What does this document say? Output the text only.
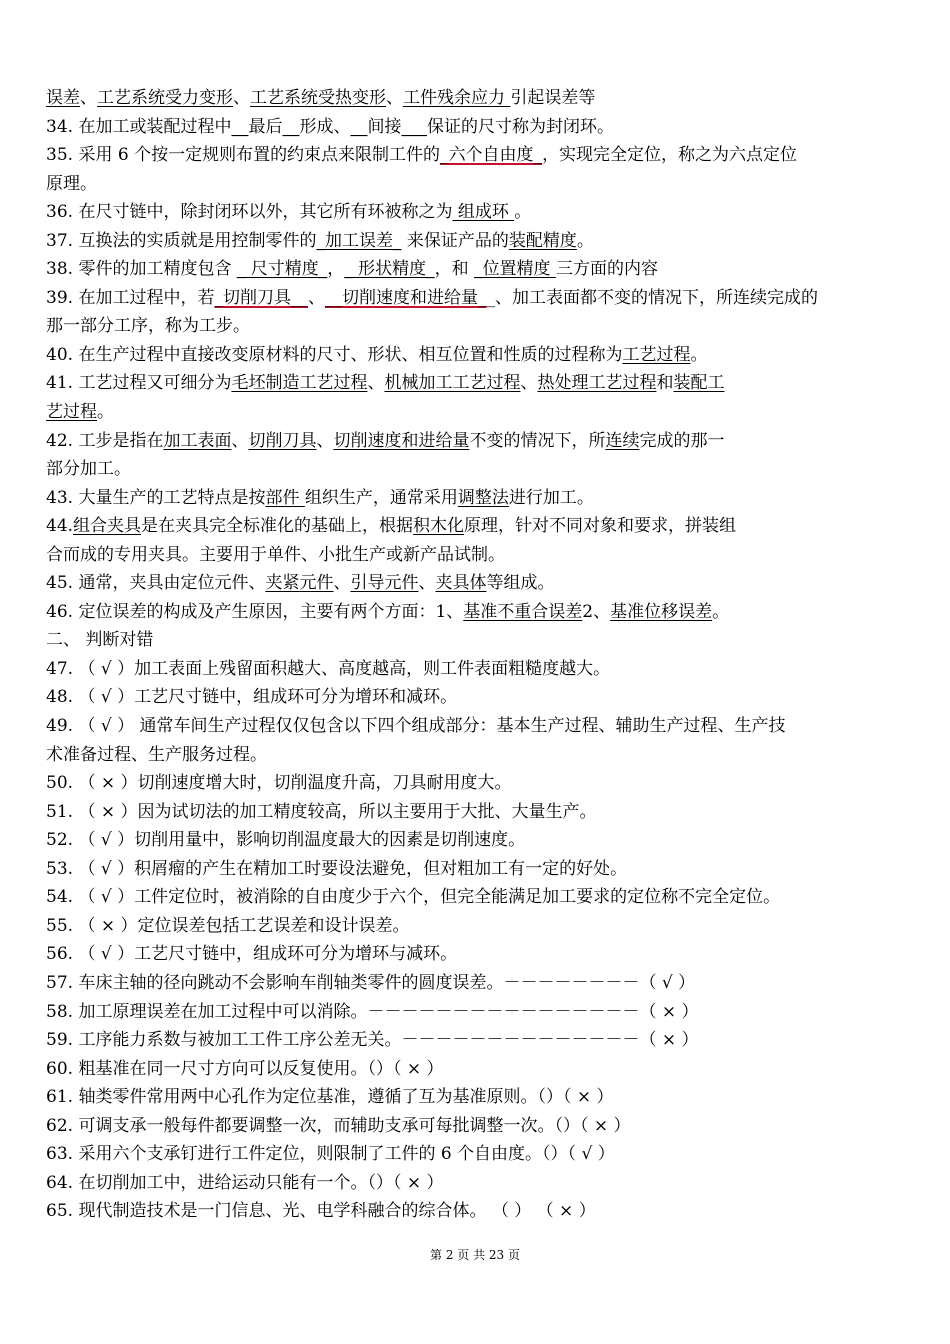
误差、工艺系统受力变形、工艺系统受热变形、工件残余应力 引起误差等
34. 在加工或装配过程中__最后__形成、__间接___保证的尺寸称为封闭环。
35. 采用 6 个按一定规则布置的约束点来限制工件的_六个自由度_，实现完全定位，称之为六点定位
原理。
36. 在尺寸链中，除封闭环以外，其它所有环被称之为 组成环 。
37. 互换法的实质就是用控制零件的_加工误差_ 来保证产品的装配精度。
38. 零件的加工精度包含 _ 尺寸精度_，_ 形状精度_，和 _位置精度 三方面的内容
39. 在加工过程中，若_切削刀具__、__切削速度和进给量__、加工表面都不变的情况下，所连续完成的
那一部分工序，称为工步。
40. 在生产过程中直接改变原材料的尺寸、形状、相互位置和性质的过程称为工艺过程。
41. 工艺过程又可细分为毛坯制造工艺过程、机械加工工艺过程、热处理工艺过程和装配工
艺过程。
42. 工步是指在加工表面、切削刀具、切削速度和进给量不变的情况下，所连续完成的那一
部分加工。
43. 大量生产的工艺特点是按部件 组织生产，通常采用调整法进行加工。
44.组合夹具是在夹具完全标准化的基础上，根据积木化原理，针对不同对象和要求，拼装组
合而成的专用夹具。主要用于单件、小批生产或新产品试制。
45. 通常，夹具由定位元件、夹紧元件、引导元件、夹具体等组成。
46. 定位误差的构成及产生原因，主要有两个方面：1、基准不重合误差2、基准位移误差。
二、 判断对错
47. （ √ ）加工表面上残留面积越大、高度越高，则工件表面粗糙度越大。
48. （ √ ）工艺尺寸链中，组成环可分为增环和减环。
49. （ √ ） 通常车间生产过程仅仅包含以下四个组成部分：基本生产过程、辅助生产过程、生产技
术准备过程、生产服务过程。
50. （ × ）切削速度增大时，切削温度升高，刀具耐用度大。
51. （ × ）因为试切法的加工精度较高，所以主要用于大批、大量生产。
52. （ √ ）切削用量中，影响切削温度最大的因素是切削速度。
53. （ √ ）积屑瘤的产生在精加工时要设法避免，但对粗加工有一定的好处。
54. （ √ ）工件定位时，被消除的自由度少于六个，但完全能满足加工要求的定位称不完全定位。
55. （ × ）定位误差包括工艺误差和设计误差。
56. （ √ ）工艺尺寸链中，组成环可分为增环与减环。
57. 车床主轴的径向跳动不会影响车削轴类零件的圆度误差。－－－－－－－－（ √ ）
58. 加工原理误差在加工过程中可以消除。－－－－－－－－－－－－－－－－（ × ）
59. 工序能力系数与被加工工件工序公差无关。－－－－－－－－－－－－－－（ × ）
60. 粗基准在同一尺寸方向可以反复使用。（）（ × ）
61. 轴类零件常用两中心孔作为定位基准，遵循了互为基准原则。（）（ × ）
62. 可调支承一般每件都要调整一次，而辅助支承可每批调整一次。（）（ × ）
63. 采用六个支承钉进行工件定位，则限制了工件的 6 个自由度。（）（ √ ）
64. 在切削加工中，进给运动只能有一个。（）（ × ）
65. 现代制造技术是一门信息、光、电学科融合的综合体。 （ ） （ × ）
第 2 页 共 23 页
